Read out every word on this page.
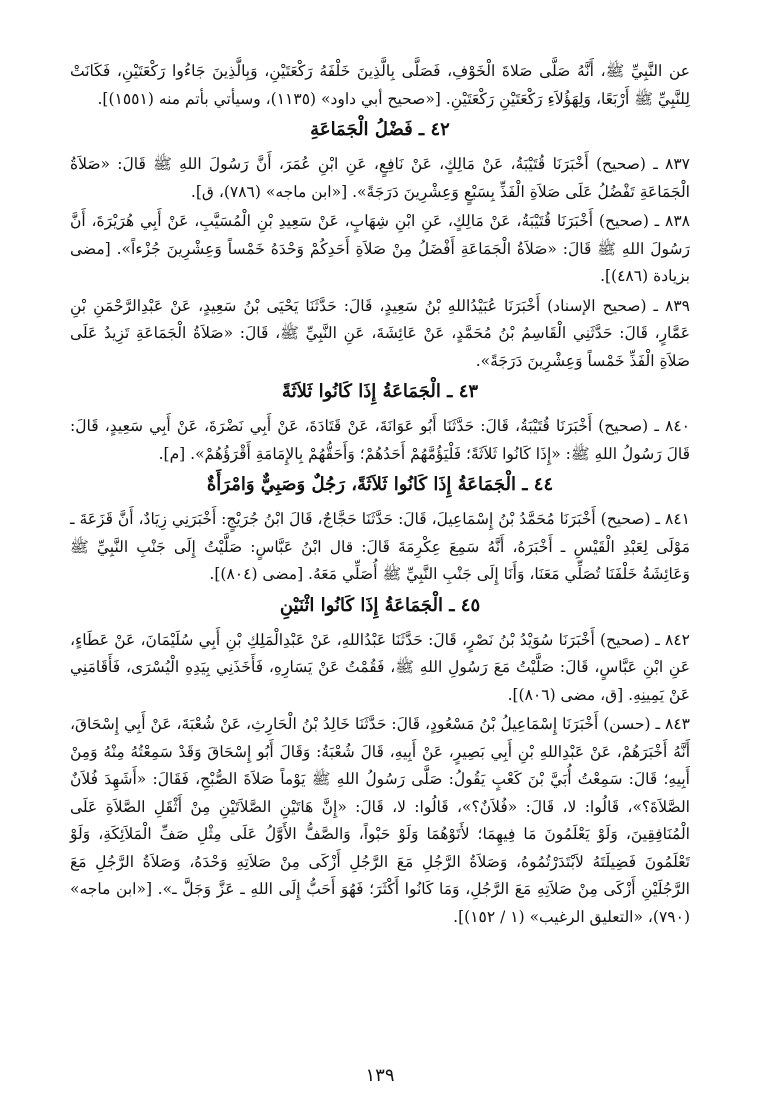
عن النَّبِيِّ ﷺ، أَنَّهُ صَلَّى صَلاةَ الْخَوْفِ، فَصَلَّى بِالَّذِينَ خَلْفَهُ رَكْعَتَيْنِ، وَبِالَّذِينَ جَاءُوا رَكْعَتَيْنِ، فَكَانَتْ لِلنَّبِيِّ ﷺ أَرْبَعًا، وَلِهَؤُلاَءِ رَكْعَتَيْنِ رَكْعَتَيْنِ. [«صحيح أبي داود» (١١٣٥)، وسيأتي بأتم منه (١٥٥١)].

٤٢ ـ فَضْلُ الْجَمَاعَةِ

٨٣٧ ـ (صحيح) أَخْبَرَنَا قُتَيْبَةُ، عَنْ مَالِكٍ، عَنْ نَافِعٍ، عَنِ ابْنِ عُمَرَ، أَنَّ رَسُولَ اللهِ ﷺ قَالَ: «صَلاَةُ الْجَمَاعَةِ تَفْضُلُ عَلَى صَلاَةِ الْفَذِّ بِسَبْعٍ وَعِشْرِينَ دَرَجَةً». [«ابن ماجه» (٧٨٦)، ق].

٨٣٨ ـ (صحيح) أَخْبَرَنَا قُتَيْبَةُ، عَنْ مَالِكٍ، عَنِ ابْنِ شِهَابٍ، عَنْ سَعِيدِ بْنِ الْمُسَيَّبِ، عَنْ أَبِي هُرَيْرَةَ، أَنَّ رَسُولَ اللهِ ﷺ قَالَ: «صَلاَةُ الْجَمَاعَةِ أَفْضَلُ مِنْ صَلاَةِ أَحَدِكُمْ وَحْدَهُ خَمْساً وَعِشْرِينَ جُزْءاً». [مضى بزيادة (٤٨٦)].

٨٣٩ ـ (صحيح الإسناد) أَخْبَرَنَا عُبَيْدُاللهِ بْنُ سَعِيدٍ، قَالَ: حَدَّثَنَا يَحْيَى بْنُ سَعِيدٍ، عَنْ عَبْدِالرَّحْمَنِ بْنِ عَمَّارٍ، قَالَ: حَدَّثَنِي الْقَاسِمُ بْنُ مُحَمَّدٍ، عَنْ عَائِشَةَ، عَنِ النَّبِيِّ ﷺ، قَالَ: «صَلاَةُ الْجَمَاعَةِ تَزِيدُ عَلَى صَلاَةِ الْفَذِّ خَمْساً وَعِشْرِينَ دَرَجَةً».

٤٣ ـ الْجَمَاعَةُ إِذَا كَانُوا ثَلاَثَةً

٨٤٠ ـ (صحيح) أَخْبَرَنَا قُتَيْبَةُ، قَالَ: حَدَّثَنَا أَبُو عَوَانَةَ، عَنْ قَتَادَةَ، عَنْ أَبِي نَضْرَةَ، عَنْ أَبِي سَعِيدٍ، قَالَ: قَالَ رَسُولُ اللهِ ﷺ: «إِذَا كَانُوا ثَلاَثَةً؛ فَلْيَؤُمَّهُمْ أَحَدُهُمْ؛ وَأَحَقُّهُمْ بِالإِمَامَةِ أَقْرَؤُهُمْ». [م].

٤٤ ـ الْجَمَاعَةُ إِذَا كَانُوا ثَلاَثَةً، رَجُلٌ وَصَبِيٌّ وَامْرَأَةٌ

٨٤١ ـ (صحيح) أَخْبَرَنَا مُحَمَّدُ بْنُ إِسْمَاعِيلَ، قَالَ: حَدَّثَنَا حَجَّاجٌ، قَالَ ابْنُ جُرَيْجٍ: أَخْبَرَنِي زِيَادٌ، أَنَّ قَزَعَةَ ـ مَوْلَى لِعَبْدِ الْقَيْسِ ـ أَخْبَرَهُ، أَنَّهُ سَمِعَ عِكْرِمَةَ قَالَ: قال ابْنُ عَبَّاسٍ: صَلَّيْتُ إِلَى جَنْبِ النَّبِيِّ ﷺ وَعَائِشَةُ خَلْفَنَا تُصَلِّي مَعَنَا، وَأَنَا إِلَى جَنْبِ النَّبِيِّ ﷺ أُصَلِّي مَعَهُ. [مضى (٨٠٤)].

٤٥ ـ الْجَمَاعَةُ إِذَا كَانُوا اثْنَيْنِ

٨٤٢ ـ (صحيح) أَخْبَرَنَا سُوَيْدُ بْنُ نَصْرٍ، قَالَ: حَدَّثَنَا عَبْدُاللهِ، عَنْ عَبْدِالْمَلِكِ بْنِ أَبِي سُلَيْمَانَ، عَنْ عَطَاءٍ، عَنِ ابْنِ عَبَّاسٍ، قَالَ: صَلَّيْتُ مَعَ رَسُولِ اللهِ ﷺ، فَقُمْتُ عَنْ يَسَارِهِ، فَأَخَذَنِي بِيَدِهِ الْيُسْرَى، فَأَقَامَنِي عَنْ يَمِينِهِ. [ق، مضى (٨٠٦)].

٨٤٣ ـ (حسن) أَخْبَرَنَا إِسْمَاعِيلُ بْنُ مَسْعُودٍ، قَالَ: حَدَّثَنَا خَالِدُ بْنُ الْحَارِثِ، عَنْ شُعْبَةَ، عَنْ أَبِي إِسْحَاقَ، أَنَّهُ أَخْبَرَهُمْ، عَنْ عَبْدِاللهِ بْنِ أَبِي بَصِيرٍ، عَنْ أَبِيهِ، قَالَ شُعْبَةُ: وَقَالَ أَبُو إِسْحَاقَ وَقَدْ سَمِعْتُهُ مِنْهُ وَمِنْ أَبِيهِ؛ قَالَ: سَمِعْتُ أُبَيَّ بْنَ كَعْبٍ يَقُولُ: صَلَّى رَسُولُ اللهِ ﷺ يَوْماً صَلاَةَ الصُّبْحِ، فَقَالَ: «أَشَهِدَ فُلاَنٌ الصَّلاَةَ؟»، قَالُوا: لا، قَالَ: «فُلاَنٌ؟»، قَالُوا: لا، قَالَ: «إِنَّ هَاتَيْنِ الصَّلاَتَيْنِ مِنْ أَثْقَلِ الصَّلاَةِ عَلَى الْمُنَافِقِينَ، وَلَوْ يَعْلَمُونَ مَا فِيهِمَا؛ لأَتَوْهُمَا وَلَوْ حَبْواً، وَالصَّفُّ الأَوَّلُ عَلَى مِثْلِ صَفِّ الْمَلاَئِكَةِ، وَلَوْ تَعْلَمُونَ فَضِيلَتَهُ لاَبْتَدَرْتُمُوهُ، وَصَلاَةُ الرَّجُلِ مَعَ الرَّجُلِ أَزْكَى مِنْ صَلاَتِهِ وَحْدَهُ، وَصَلاَةُ الرَّجُلِ مَعَ الرَّجُلَيْنِ أَزْكَى مِنْ صَلاَتِهِ مَعَ الرَّجُلِ، وَمَا كَانُوا أَكْثَرَ؛ فَهُوَ أَحَبُّ إِلَى اللهِ ـ عَزَّ وَجَلَّ ـ». [«ابن ماجه» (٧٩٠)، «التعليق الرغيب» (١ / ١٥٢)].

١٣٩
